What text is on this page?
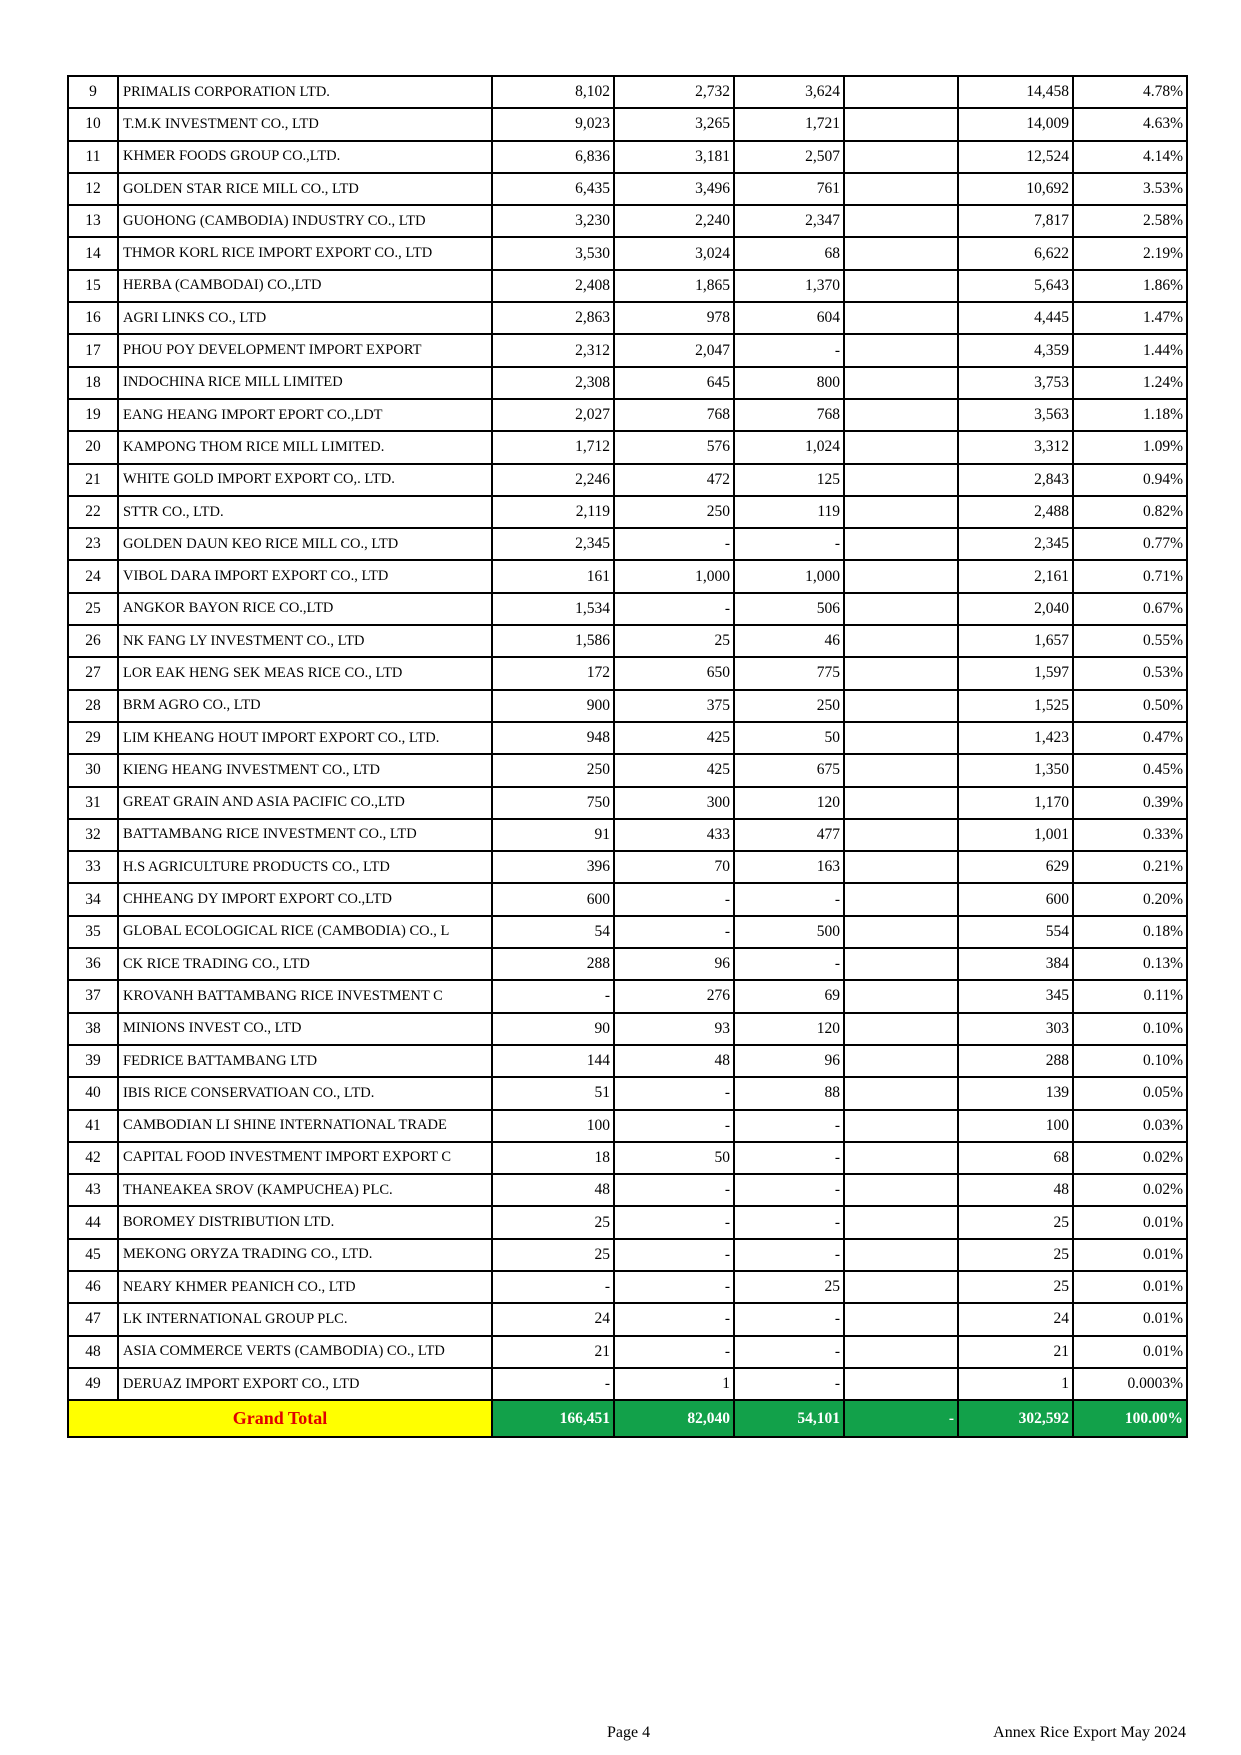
9	PRIMALIS CORPORATION LTD.	8,102	2,732	3,624		14,458	4.78%
10	T.M.K INVESTMENT CO., LTD	9,023	3,265	1,721		14,009	4.63%
11	KHMER FOODS GROUP CO.,LTD.	6,836	3,181	2,507		12,524	4.14%
12	GOLDEN STAR RICE MILL CO., LTD	6,435	3,496	761		10,692	3.53%
13	GUOHONG (CAMBODIA) INDUSTRY CO., LTD	3,230	2,240	2,347		7,817	2.58%
14	THMOR KORL RICE IMPORT EXPORT CO., LTD	3,530	3,024	68		6,622	2.19%
15	HERBA (CAMBODAI) CO.,LTD	2,408	1,865	1,370		5,643	1.86%
16	AGRI LINKS CO., LTD	2,863	978	604		4,445	1.47%
17	PHOU POY DEVELOPMENT IMPORT EXPORT	2,312	2,047	-		4,359	1.44%
18	INDOCHINA RICE MILL LIMITED	2,308	645	800		3,753	1.24%
19	EANG HEANG IMPORT EPORT CO.,LDT	2,027	768	768		3,563	1.18%
20	KAMPONG THOM RICE MILL LIMITED.	1,712	576	1,024		3,312	1.09%
21	WHITE GOLD IMPORT EXPORT CO,. LTD.	2,246	472	125		2,843	0.94%
22	STTR CO., LTD.	2,119	250	119		2,488	0.82%
23	GOLDEN DAUN KEO RICE MILL CO., LTD	2,345	-	-		2,345	0.77%
24	VIBOL DARA IMPORT EXPORT CO., LTD	161	1,000	1,000		2,161	0.71%
25	ANGKOR BAYON RICE CO.,LTD	1,534	-	506		2,040	0.67%
26	NK FANG LY INVESTMENT CO., LTD	1,586	25	46		1,657	0.55%
27	LOR EAK HENG SEK MEAS RICE CO., LTD	172	650	775		1,597	0.53%
28	BRM AGRO CO., LTD	900	375	250		1,525	0.50%
29	LIM KHEANG HOUT IMPORT EXPORT CO., LTD.	948	425	50		1,423	0.47%
30	KIENG HEANG INVESTMENT CO., LTD	250	425	675		1,350	0.45%
31	GREAT GRAIN AND ASIA PACIFIC CO.,LTD	750	300	120		1,170	0.39%
32	BATTAMBANG RICE INVESTMENT CO., LTD	91	433	477		1,001	0.33%
33	H.S AGRICULTURE PRODUCTS CO., LTD	396	70	163		629	0.21%
34	CHHEANG DY IMPORT EXPORT CO.,LTD	600	-	-		600	0.20%
35	GLOBAL ECOLOGICAL RICE (CAMBODIA) CO., L	54	-	500		554	0.18%
36	CK RICE TRADING CO., LTD	288	96	-		384	0.13%
37	KROVANH BATTAMBANG RICE INVESTMENT C	-	276	69		345	0.11%
38	MINIONS INVEST CO., LTD	90	93	120		303	0.10%
39	FEDRICE BATTAMBANG LTD	144	48	96		288	0.10%
40	IBIS RICE CONSERVATIOAN CO., LTD.	51	-	88		139	0.05%
41	CAMBODIAN LI SHINE INTERNATIONAL TRADE	100	-	-		100	0.03%
42	CAPITAL FOOD INVESTMENT IMPORT EXPORT C	18	50	-		68	0.02%
43	THANEAKEA SROV (KAMPUCHEA) PLC.	48	-	-		48	0.02%
44	BOROMEY DISTRIBUTION LTD.	25	-	-		25	0.01%
45	MEKONG ORYZA TRADING CO., LTD.	25	-	-		25	0.01%
46	NEARY KHMER PEANICH CO., LTD	-	-	25		25	0.01%
47	LK INTERNATIONAL GROUP PLC.	24	-	-		24	0.01%
48	ASIA COMMERCE VERTS (CAMBODIA) CO., LTD	21	-	-		21	0.01%
49	DERUAZ IMPORT EXPORT CO., LTD	-	1	-		1	0.0003%
Grand Total		166,451	82,040	54,101	-	302,592	100.00%
Page 4	Annex Rice Export May 2024
